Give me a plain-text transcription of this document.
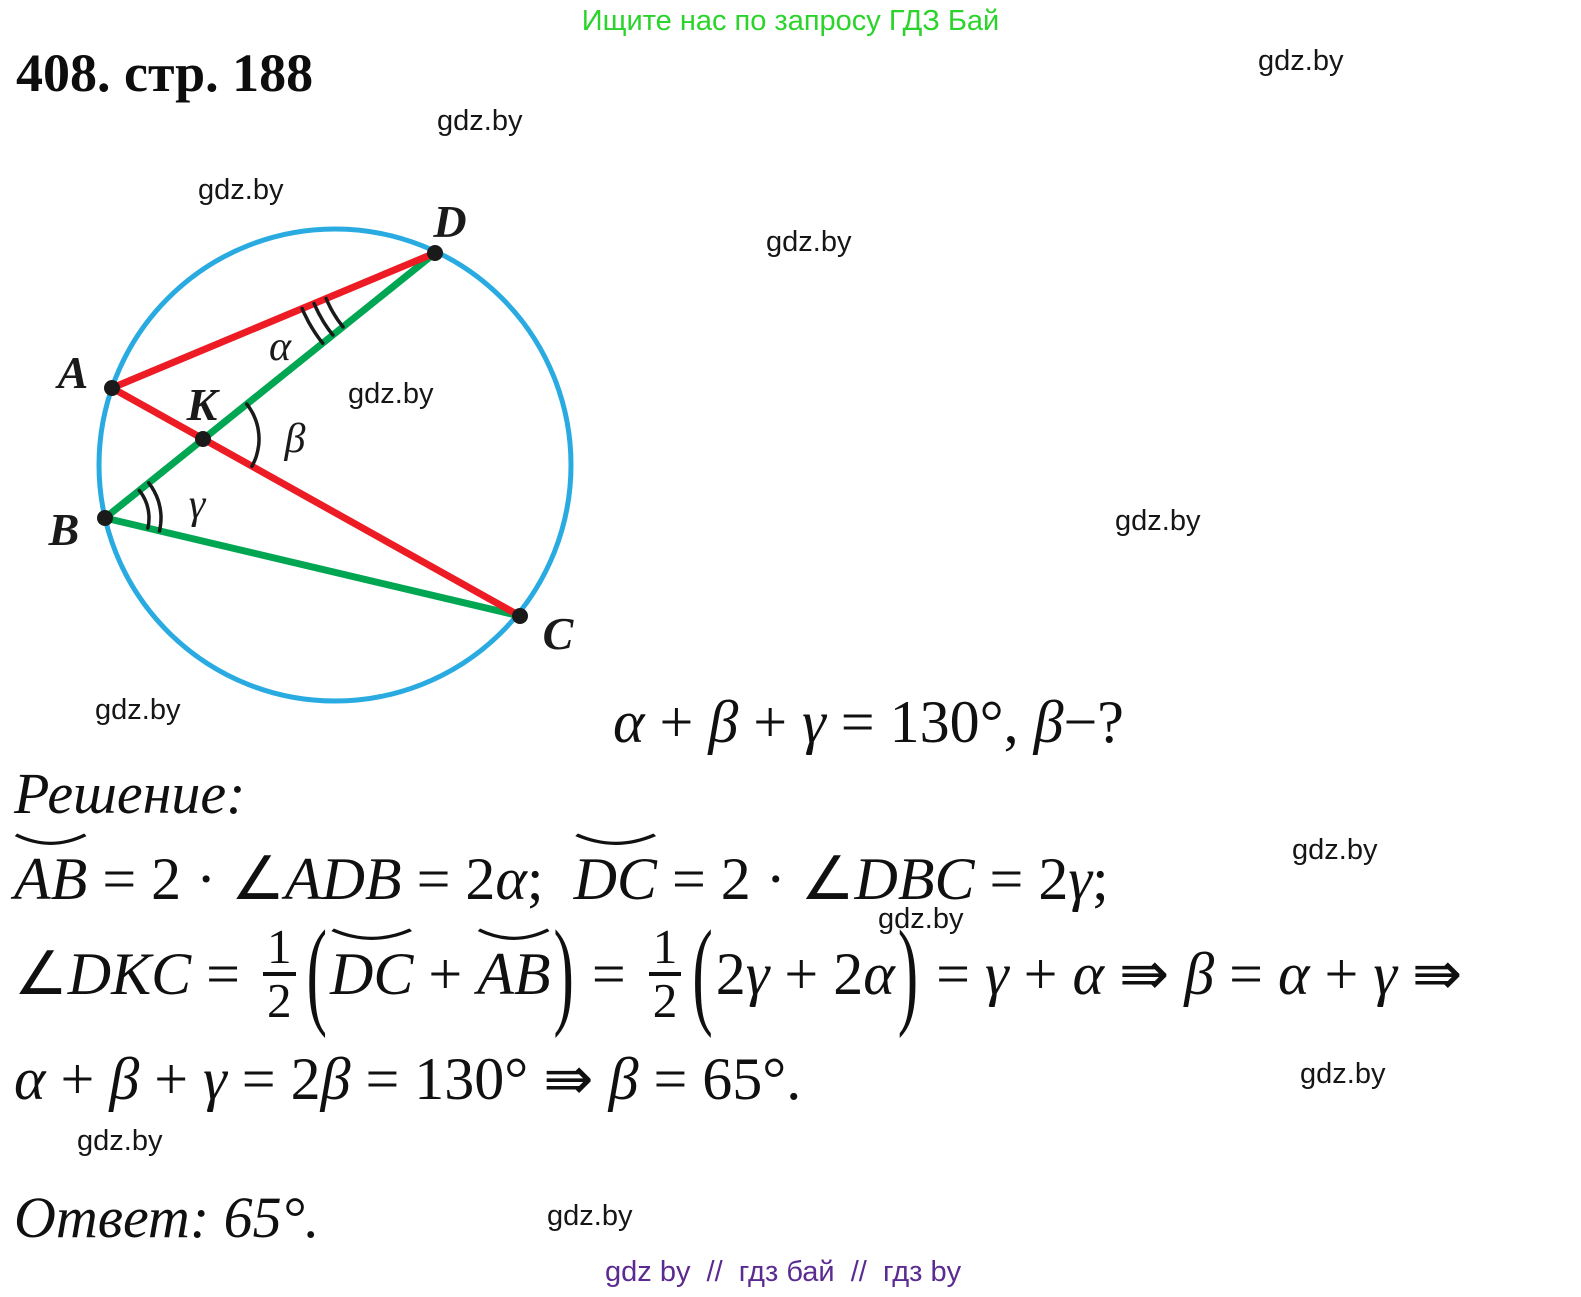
Ищите нас по запросу ГДЗ Бай
408. стр. 188
D
A
K
B
C
α
β
γ
α + β + γ = 130°, β−?
Решение:
AB = 2 · ∠ADB = 2α; DC = 2 · ∠DBC = 2γ;
∠DKC = $\frac{1}{2}$ ( DC + AB ) = $\frac{1}{2}$ ( 2γ + 2α ) = γ + α ⇛ β = α + γ ⇛
α + β + γ = 2β = 130° ⇛ β = 65°.
Ответ: 65°.
gdz by  //  гдз бай  //  гдз by
gdz.by
gdz.by
gdz.by
gdz.by
gdz.by
gdz.by
gdz.by
gdz.by
gdz.by
gdz.by
gdz.by
gdz.by
